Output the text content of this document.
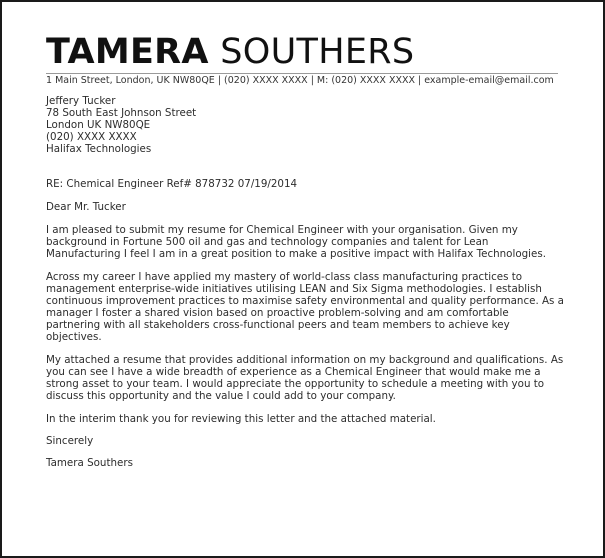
TAMERA SOUTHERS
1 Main Street, London, UK NW80QE | (020) XXXX XXXX | M: (020) XXXX XXXX | example-email@email.com
Jeffery Tucker
78 South East Johnson Street
London UK NW80QE
(020) XXXX XXXX
Halifax Technologies

RE: Chemical Engineer Ref# 878732 07/19/2014

Dear Mr. Tucker

I am pleased to submit my resume for Chemical Engineer with your organisation. Given my background in Fortune 500 oil and gas and technology companies and talent for Lean Manufacturing I feel I am in a great position to make a positive impact with Halifax Technologies.

Across my career I have applied my mastery of world-class class manufacturing practices to management enterprise-wide initiatives utilising LEAN and Six Sigma methodologies. I establish continuous improvement practices to maximise safety environmental and quality performance. As a manager I foster a shared vision based on proactive problem-solving and am comfortable partnering with all stakeholders cross-functional peers and team members to achieve key objectives.

My attached a resume that provides additional information on my background and qualifications. As you can see I have a wide breadth of experience as a Chemical Engineer that would make me a strong asset to your team. I would appreciate the opportunity to schedule a meeting with you to discuss this opportunity and the value I could add to your company.

In the interim thank you for reviewing this letter and the attached material.

Sincerely

Tamera Southers
